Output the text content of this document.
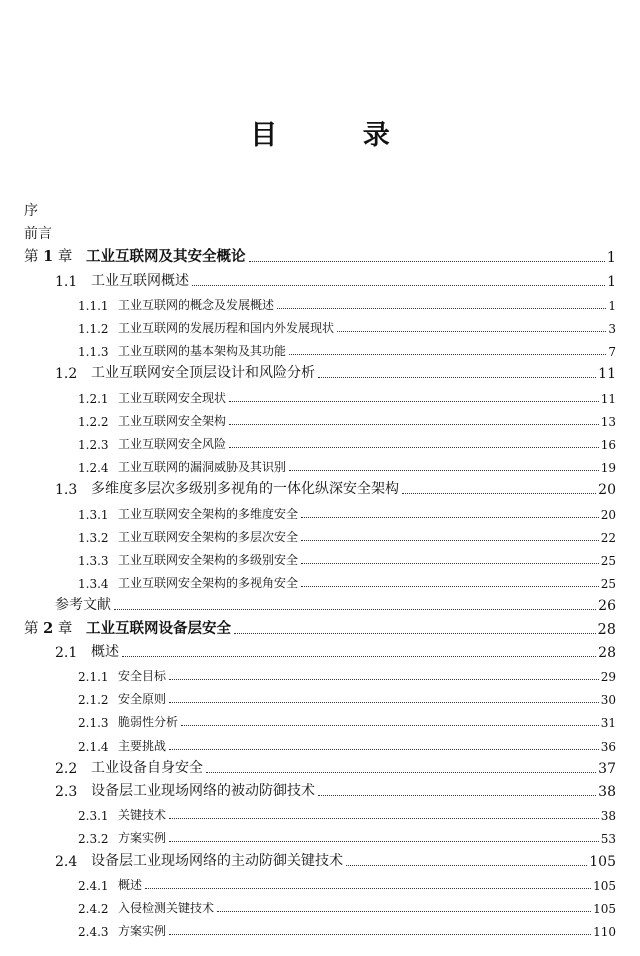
目 录
序
前言
第 1 章 工业互联网及其安全概论	1
1.1 工业互联网概述	1
1.1.1 工业互联网的概念及发展概述	1
1.1.2 工业互联网的发展历程和国内外发展现状	3
1.1.3 工业互联网的基本架构及其功能	7
1.2 工业互联网安全顶层设计和风险分析	11
1.2.1 工业互联网安全现状	11
1.2.2 工业互联网安全架构	13
1.2.3 工业互联网安全风险	16
1.2.4 工业互联网的漏洞威胁及其识别	19
1.3 多维度多层次多级别多视角的一体化纵深安全架构	20
1.3.1 工业互联网安全架构的多维度安全	20
1.3.2 工业互联网安全架构的多层次安全	22
1.3.3 工业互联网安全架构的多级别安全	25
1.3.4 工业互联网安全架构的多视角安全	25
参考文献	26
第 2 章 工业互联网设备层安全	28
2.1 概述	28
2.1.1 安全目标	29
2.1.2 安全原则	30
2.1.3 脆弱性分析	31
2.1.4 主要挑战	36
2.2 工业设备自身安全	37
2.3 设备层工业现场网络的被动防御技术	38
2.3.1 关键技术	38
2.3.2 方案实例	53
2.4 设备层工业现场网络的主动防御关键技术	105
2.4.1 概述	105
2.4.2 入侵检测关键技术	105
2.4.3 方案实例	110
